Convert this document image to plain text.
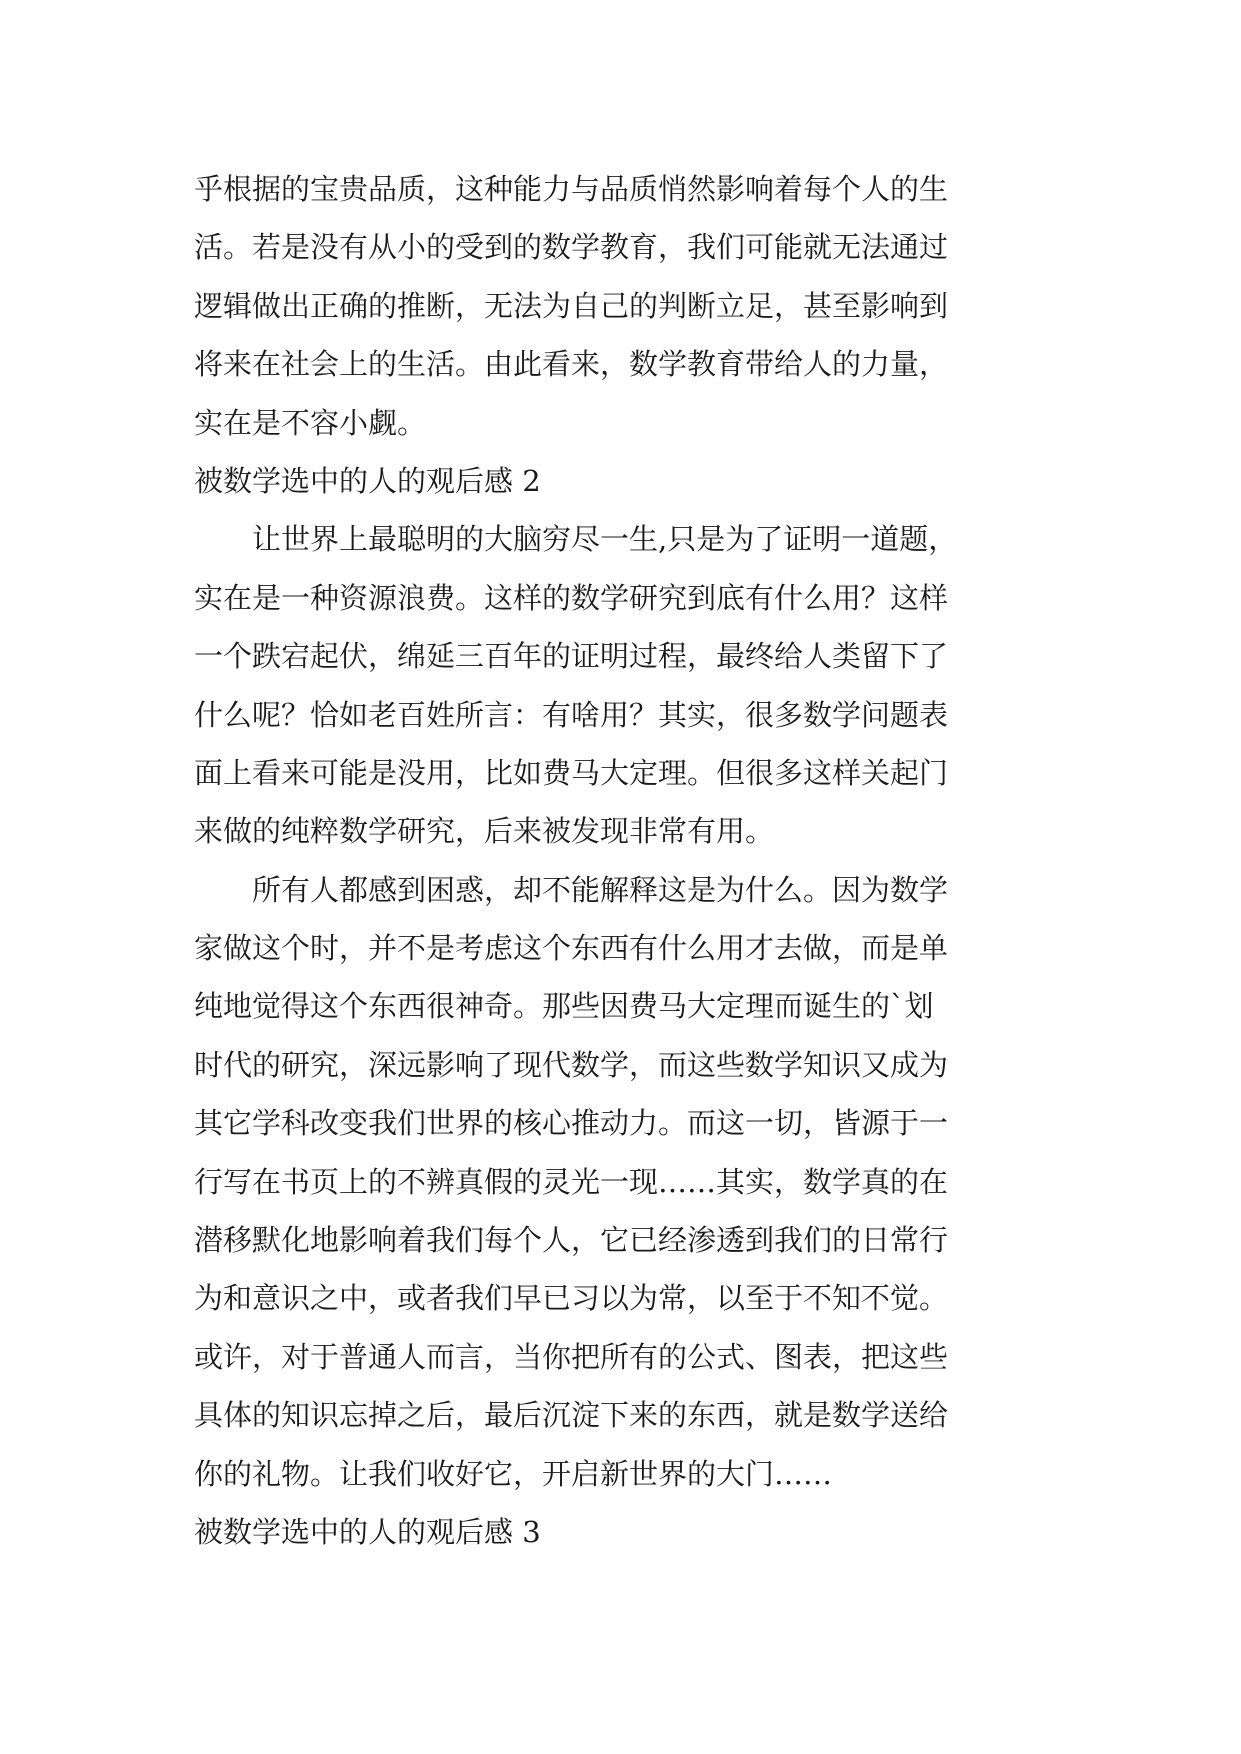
乎根据的宝贵品质，这种能力与品质悄然影响着每个人的生
活。若是没有从小的受到的数学教育，我们可能就无法通过
逻辑做出正确的推断，无法为自己的判断立足，甚至影响到
将来在社会上的生活。由此看来，数学教育带给人的力量，
实在是不容小觑。
被数学选中的人的观后感 2
让世界上最聪明的大脑穷尽一生,只是为了证明一道题，
实在是一种资源浪费。这样的数学研究到底有什么用？这样
一个跌宕起伏，绵延三百年的证明过程，最终给人类留下了
什么呢？恰如老百姓所言：有啥用？其实，很多数学问题表
面上看来可能是没用，比如费马大定理。但很多这样关起门
来做的纯粹数学研究，后来被发现非常有用。
所有人都感到困惑，却不能解释这是为什么。因为数学
家做这个时，并不是考虑这个东西有什么用才去做，而是单
纯地觉得这个东西很神奇。那些因费马大定理而诞生的`划
时代的研究，深远影响了现代数学，而这些数学知识又成为
其它学科改变我们世界的核心推动力。而这一切，皆源于一
行写在书页上的不辨真假的灵光一现……其实，数学真的在
潜移默化地影响着我们每个人，它已经渗透到我们的日常行
为和意识之中，或者我们早已习以为常，以至于不知不觉。
或许，对于普通人而言，当你把所有的公式、图表，把这些
具体的知识忘掉之后，最后沉淀下来的东西，就是数学送给
你的礼物。让我们收好它，开启新世界的大门……
被数学选中的人的观后感 3
